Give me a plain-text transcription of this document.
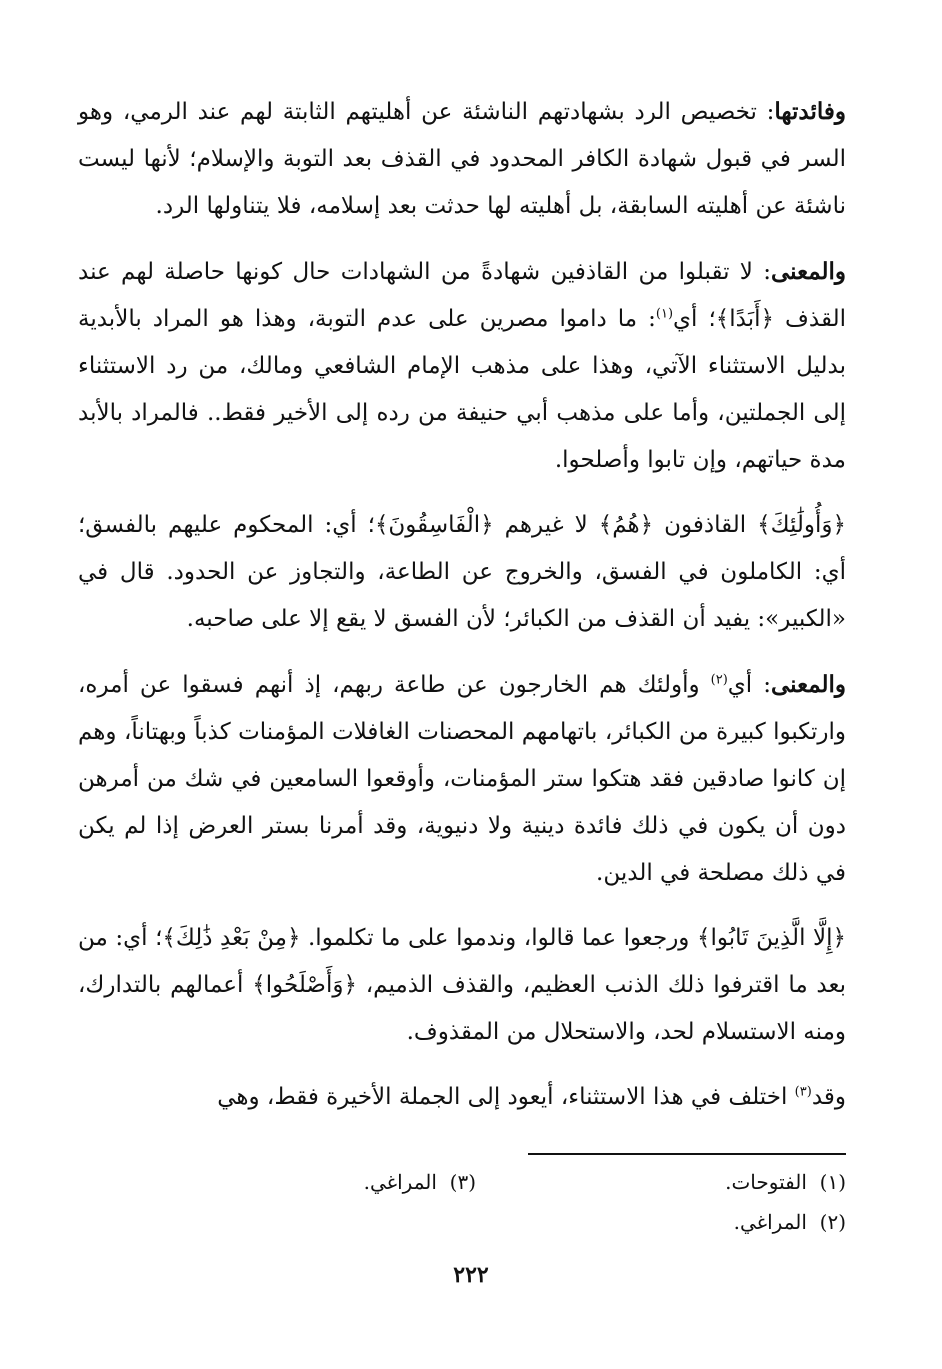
وفائدتها: تخصيص الرد بشهادتهم الناشئة عن أهليتهم الثابتة لهم عند الرمي، وهو السر في قبول شهادة الكافر المحدود في القذف بعد التوبة والإسلام؛ لأنها ليست ناشئة عن أهليته السابقة، بل أهليته لها حدثت بعد إسلامه، فلا يتناولها الرد.

والمعنى: لا تقبلوا من القاذفين شهادةً من الشهادات حال كونها حاصلة لهم عند القذف ﴿أَبَدًا﴾؛ أي$^{(١)}$: ما داموا مصرين على عدم التوبة، وهذا هو المراد بالأبدية بدليل الاستثناء الآتي، وهذا على مذهب الإمام الشافعي ومالك، من رد الاستثناء إلى الجملتين، وأما على مذهب أبي حنيفة من رده إلى الأخير فقط.. فالمراد بالأبد مدة حياتهم، وإن تابوا وأصلحوا.

﴿وَأُولَٰئِكَ﴾ القاذفون ﴿هُمُ﴾ لا غيرهم ﴿الْفَاسِقُونَ﴾؛ أي: المحكوم عليهم بالفسق؛ أي: الكاملون في الفسق، والخروج عن الطاعة، والتجاوز عن الحدود. قال في «الكبير»: يفيد أن القذف من الكبائر؛ لأن الفسق لا يقع إلا على صاحبه.

والمعنى: أي$^{(٢)}$ وأولئك هم الخارجون عن طاعة ربهم، إذ أنهم فسقوا عن أمره، وارتكبوا كبيرة من الكبائر، باتهامهم المحصنات الغافلات المؤمنات كذباً وبهتاناً، وهم إن كانوا صادقين فقد هتكوا ستر المؤمنات، وأوقعوا السامعين في شك من أمرهن دون أن يكون في ذلك فائدة دينية ولا دنيوية، وقد أمرنا بستر العرض إذا لم يكن في ذلك مصلحة في الدين.

﴿إِلَّا الَّذِينَ تَابُوا﴾ ورجعوا عما قالوا، وندموا على ما تكلموا. ﴿مِنْ بَعْدِ ذَٰلِكَ﴾؛ أي: من بعد ما اقترفوا ذلك الذنب العظيم، والقذف الذميم، ﴿وَأَصْلَحُوا﴾ أعمالهم بالتدارك، ومنه الاستسلام لحد، والاستحلال من المقذوف.

وقد$^{(٣)}$ اختلف في هذا الاستثناء، أيعود إلى الجملة الأخيرة فقط، وهي

(١)  الفتوحات.
(٣)  المراغي.
(٢)  المراغي.
٢٢٢
